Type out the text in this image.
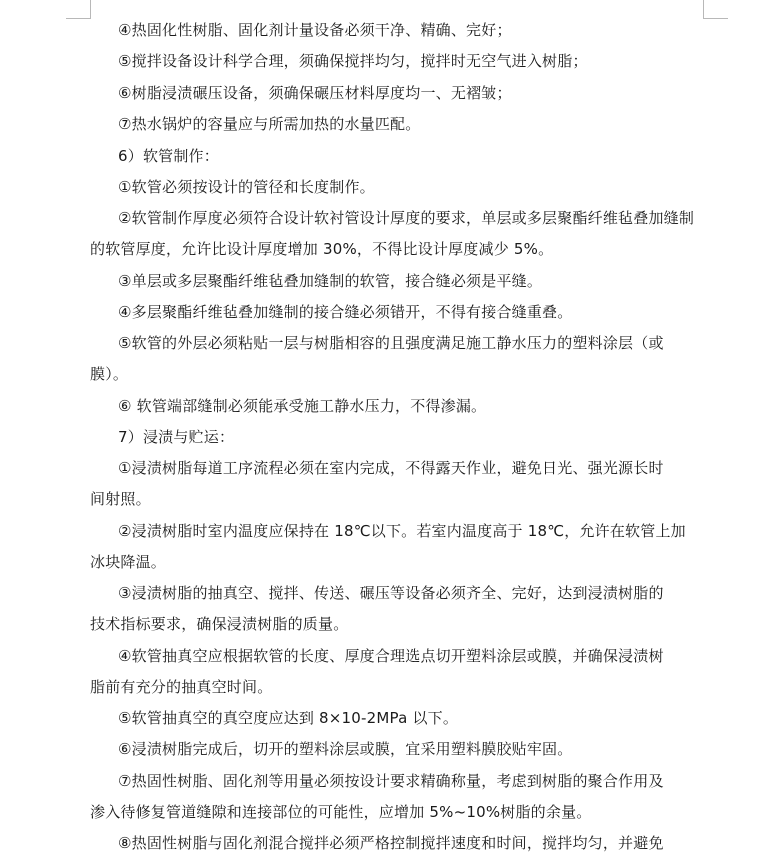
④热固化性树脂、固化剂计量设备必须干净、精确、完好；
⑤搅拌设备设计科学合理，须确保搅拌均匀，搅拌时无空气进入树脂；
⑥树脂浸渍碾压设备，须确保碾压材料厚度均一、无褶皱；
⑦热水锅炉的容量应与所需加热的水量匹配。
6）软管制作：
①软管必须按设计的管径和长度制作。
②软管制作厚度必须符合设计软衬管设计厚度的要求，单层或多层聚酯纤维毡叠加缝制
的软管厚度，允许比设计厚度增加 30%，不得比设计厚度减少 5%。
③单层或多层聚酯纤维毡叠加缝制的软管，接合缝必须是平缝。
④多层聚酯纤维毡叠加缝制的接合缝必须错开，不得有接合缝重叠。
⑤软管的外层必须粘贴一层与树脂相容的且强度满足施工静水压力的塑料涂层（或
膜）。
⑥ 软管端部缝制必须能承受施工静水压力，不得渗漏。
7）浸渍与贮运：
①浸渍树脂每道工序流程必须在室内完成，不得露天作业，避免日光、强光源长时
间射照。
②浸渍树脂时室内温度应保持在 18℃以下。若室内温度高于 18℃，允许在软管上加
冰块降温。
③浸渍树脂的抽真空、搅拌、传送、碾压等设备必须齐全、完好，达到浸渍树脂的
技术指标要求，确保浸渍树脂的质量。
④软管抽真空应根据软管的长度、厚度合理选点切开塑料涂层或膜，并确保浸渍树
脂前有充分的抽真空时间。
⑤软管抽真空的真空度应达到 8×10-2MPa 以下。
⑥浸渍树脂完成后，切开的塑料涂层或膜，宜采用塑料膜胶贴牢固。
⑦热固性树脂、固化剂等用量必须按设计要求精确称量，考虑到树脂的聚合作用及
渗入待修复管道缝隙和连接部位的可能性，应增加 5%~10%树脂的余量。
⑧热固性树脂与固化剂混合搅拌必须严格控制搅拌速度和时间，搅拌均匀，并避免
